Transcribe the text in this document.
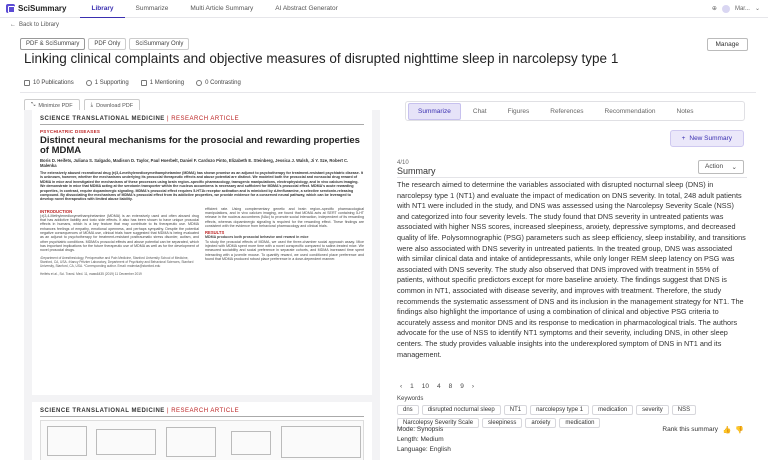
SciSummary	Library	Summarize	Multi Article Summary	AI Abstract Generator	⊕	Mar... ⌄
← Back to Library
PDF & SciSummary	PDF Only	SciSummary Only	Manage
Linking clinical complaints and objective measures of disrupted nighttime sleep in narcolepsy type 1
10 Publications	1 Supporting	1 Mentioning	0 Contrasting
⤡ Minimize PDF	⤓ Download PDF
SCIENCE TRANSLATIONAL MEDICINE | RESEARCH ARTICLE
PSYCHIATRIC DISEASES
Distinct neural mechanisms for the prosocial and rewarding properties of MDMA
Boris D. Heifets, Juliana S. Salgado, Madison D. Taylor, Paul Hoerbelt, Daniel F. Cardozo Pinto, Elizabeth E. Steinberg, Jessica J. Walsh, Ji Y. Sze, Robert C. Malenka
The extensively abused recreational drug (±)3,4-methylenedioxymethamphetamine (MDMA) has shown promise as an adjunct to psychotherapy for treatment-resistant psychiatric disease. It is unknown, however, whether the mechanisms underlying its prosocial therapeutic effects and abuse potential are distinct. We modeled both the prosocial and nonsocial drug reward of MDMA in mice and investigated the mechanisms of these processes using brain region–specific pharmacology, transgenic manipulations, electrophysiology, and in vivo calcium imaging. We demonstrate in mice that MDMA acting at the serotonin transporter within the nucleus accumbens is necessary and sufficient for MDMA's prosocial effect. MDMA's acute rewarding properties, in contrast, require dopaminergic signaling. MDMA's prosocial effect requires 5-HT1b receptor activation and is mimicked by d-fenfluramine, a selective serotonin-releasing compound. By dissociating the mechanisms of MDMA's prosocial effect from its addictive properties, we provide evidence for a conserved neural pathway, which can be leveraged to develop novel therapeutics with limited abuse liability.
INTRODUCTION
(±)3,4-Methylenedioxymethamphetamine (MDMA) is an extensively used and often abused drug that has addictive liability and toxic side effects. It also has been shown to have unique prosocial effects in humans, which is a key feature that may contribute to its therapeutic use. MDMA enhances feelings of empathy, emotional openness, and perhaps sympathy. Despite the potential negative consequences of MDMA use, clinical trials have suggested that MDMA is being evaluated as an adjunct to psychotherapy for treatment-resistant posttraumatic stress disorder, autism, and other psychiatric conditions. MDMA's prosocial effects and abuse potential can be separated, which has important implications for the future therapeutic use of MDMA as well as for the development of novel prosocial drugs.
¹Department of Anesthesiology, Perioperative and Pain Medicine, Stanford University School of Medicine, Stanford, CA, USA. ²Nancy Pritzker Laboratory, Department of Psychiatry and Behavioral Sciences, Stanford University, Stanford, CA, USA. *Corresponding author. Email: malenka@stanford.edu
Heifets et al., Sci. Transl. Med. 11, eaaw6435 (2019) 11 December 2019
efficient rate. Using complementary genetic and brain region–specific pharmacological manipulations, and in vivo calcium imaging, we found that MDMA acts at SERT containing 5-HT release in the nucleus accumbens (NAc) to promote social interaction, independent of its rewarding effects, whereas dopaminergic signaling is required for the rewarding effect. These findings are consistent with the evidence from behavioral pharmacology and clinical trials.
RESULTS
MDMA produces both prosocial behavior and reward in mice
To study the prosocial effects of MDMA, we used the three-chamber social approach assay. Mice injected with MDMA spent more time with a novel conspecific compared to saline-treated mice. We measured sociability and social preference in separate cohorts, and MDMA increased time spent interacting with a juvenile mouse. To quantify reward, we used conditioned place preference and found that MDMA produced robust place preference in a dose-dependent manner.
SCIENCE TRANSLATIONAL MEDICINE | RESEARCH ARTICLE
Summarize	Chat	Figures	References	Recommendation	Notes
+ New Summary
4/10
Summary	Action ⌄
The research aimed to determine the variables associated with disrupted nocturnal sleep (DNS) in narcolepsy type 1 (NT1) and evaluate the impact of medication on DNS severity. In total, 248 adult patients with NT1 were included in the study, and DNS was assessed using the Narcolepsy Severity Scale (NSS) and categorized into four severity levels. The study found that DNS severity in untreated patients was associated with higher NSS scores, increased sleepiness, anxiety, depressive symptoms, and decreased quality of life. Polysomnographic (PSG) parameters such as sleep efficiency, sleep instability, and transitions were also associated with DNS severity in untreated patients. In the treated group, DNS was associated with similar clinical data and intake of antidepressants, while only longer REM sleep latency on PSG was associated with DNS severity. The study also observed that DNS improved with treatment in 55% of patients, without specific predictors except for more baseline anxiety. The findings suggest that DNS is common in NT1, associated with disease severity, and improves with treatment. Therefore, the study recommends the systematic assessment of DNS and its inclusion in the management strategy for NT1. The findings also highlight the importance of using a combination of clinical and objective PSG criteria to accurately assess and monitor DNS and its response to medication in pharmacological trials. The authors advocate for the use of NSS to identify NT1 symptoms and their severity, including DNS, in other sleep centers. The study provides valuable insights into the underexplored symptom of DNS in NT1 and its management.
‹	1	10	4	8	9	›
Keywords
dns	disrupted nocturnal sleep	NT1	narcolepsy type 1	medication	severity	NSS
Narcolepsy Severity Scale	sleepiness	anxiety	medication
Mode: Synopsis
Length: Medium
Language: English
Rank this summary 👍 👎
